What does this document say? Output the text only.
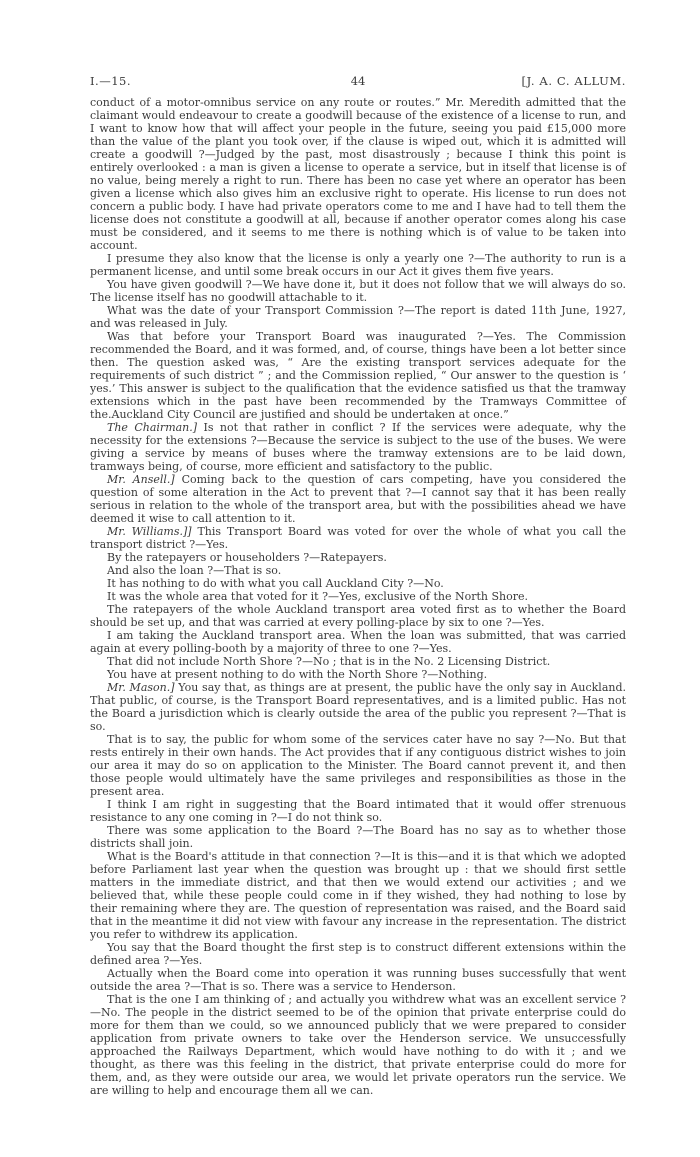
I.—15.	44	[J. A. C. ALLUM.

conduct of a motor-omnibus service on any route or routes.” Mr. Meredith admitted that the claimant would endeavour to create a goodwill because of the existence of a license to run, and I want to know how that will affect your people in the future, seeing you paid £15,000 more than the value of the plant you took over, if the clause is wiped out, which it is admitted will create a goodwill ?—Judged by the past, most disastrously ; because I think this point is entirely overlooked : a man is given a license to operate a service, but in itself that license is of no value, being merely a right to run. There has been no case yet where an operator has been given a license which also gives him an exclusive right to operate. His license to run does not concern a public body. I have had private operators come to me and I have had to tell them the license does not constitute a goodwill at all, because if another operator comes along his case must be considered, and it seems to me there is nothing which is of value to be taken into account.

I presume they also know that the license is only a yearly one ?—The authority to run is a permanent license, and until some break occurs in our Act it gives them five years.

You have given goodwill ?—We have done it, but it does not follow that we will always do so. The license itself has no goodwill attachable to it.

What was the date of your Transport Commission ?—The report is dated 11th June, 1927, and was released in July.

Was that before your Transport Board was inaugurated ?—Yes. The Commission recommended the Board, and it was formed, and, of course, things have been a lot better since then. The question asked was, “ Are the existing transport services adequate for the requirements of such district ” ; and the Commission replied, “ Our answer to the question is ‘ yes.’ This answer is subject to the qualification that the evidence satisfied us that the tramway extensions which in the past have been recommended by the Tramways Committee of the.Auckland City Council are justified and should be undertaken at once.”

The Chairman.] Is not that rather in conflict ? If the services were adequate, why the necessity for the extensions ?—Because the service is subject to the use of the buses. We were giving a service by means of buses where the tramway extensions are to be laid down, tramways being, of course, more efficient and satisfactory to the public.

Mr. Ansell.] Coming back to the question of cars competing, have you considered the question of some alteration in the Act to prevent that ?—I cannot say that it has been really serious in relation to the whole of the transport area, but with the possibilities ahead we have deemed it wise to call attention to it.

Mr. Williams.]] This Transport Board was voted for over the whole of what you call the transport district ?—Yes.

By the ratepayers or householders ?—Ratepayers.

And also the loan ?—That is so.

It has nothing to do with what you call Auckland City ?—No.

It was the whole area that voted for it ?—Yes, exclusive of the North Shore.

The ratepayers of the whole Auckland transport area voted first as to whether the Board should be set up, and that was carried at every polling-place by six to one ?—Yes.

I am taking the Auckland transport area. When the loan was submitted, that was carried again at every polling-booth by a majority of three to one ?—Yes.

That did not include North Shore ?—No ; that is in the No. 2 Licensing District.

You have at present nothing to do with the North Shore ?—Nothing.

Mr. Mason.] You say that, as things are at present, the public have the only say in Auckland. That public, of course, is the Transport Board representatives, and is a limited public. Has not the Board a jurisdiction which is clearly outside the area of the public you represent ?—That is so.

That is to say, the public for whom some of the services cater have no say ?—No. But that rests entirely in their own hands. The Act provides that if any contiguous district wishes to join our area it may do so on application to the Minister. The Board cannot prevent it, and then those people would ultimately have the same privileges and responsibilities as those in the present area.

I think I am right in suggesting that the Board intimated that it would offer strenuous resistance to any one coming in ?—I do not think so.

There was some application to the Board ?—The Board has no say as to whether those districts shall join.

What is the Board's attitude in that connection ?—It is this—and it is that which we adopted before Parliament last year when the question was brought up : that we should first settle matters in the immediate district, and that then we would extend our activities ; and we believed that, while these people could come in if they wished, they had nothing to lose by their remaining where they are. The question of representation was raised, and the Board said that in the meantime it did not view with favour any increase in the representation. The district you refer to withdrew its application.

You say that the Board thought the first step is to construct different extensions within the defined area ?—Yes.

Actually when the Board come into operation it was running buses successfully that went outside the area ?—That is so. There was a service to Henderson.

That is the one I am thinking of ; and actually you withdrew what was an excellent service ?—No. The people in the district seemed to be of the opinion that private enterprise could do more for them than we could, so we announced publicly that we were prepared to consider application from private owners to take over the Henderson service. We unsuccessfully approached the Railways Department, which would have nothing to do with it ; and we thought, as there was this feeling in the district, that private enterprise could do more for them, and, as they were outside our area, we would let private operators run the service. We are willing to help and encourage them all we can.
